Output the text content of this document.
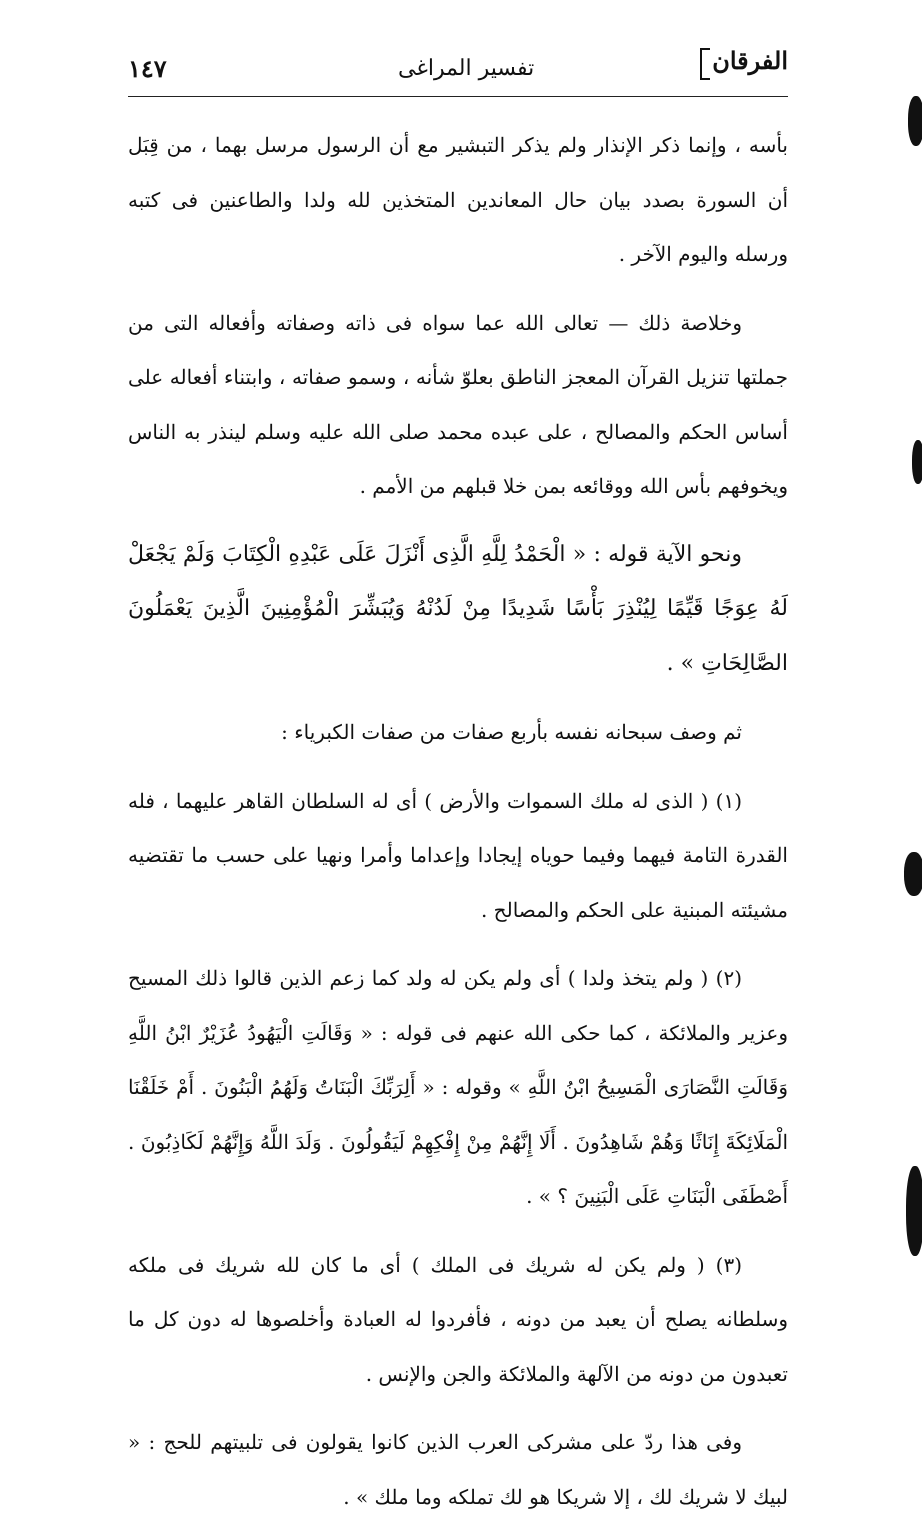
الفرقان
تفسير المراغى
١٤٧

بأسه ، وإنما ذكر الإنذار ولم يذكر التبشير مع أن الرسول مرسل بهما ، من قِبَل أن السورة بصدد بيان حال المعاندين المتخذين لله ولدا والطاعنين فى كتبه ورسله واليوم الآخر .

وخلاصة ذلك — تعالى الله عما سواه فى ذاته وصفاته وأفعاله التى من جملتها تنزيل القرآن المعجز الناطق بعلوّ شأنه ، وسمو صفاته ، وابتناء أفعاله على أساس الحكم والمصالح ، على عبده محمد صلى الله عليه وسلم لينذر به الناس ويخوفهم بأس الله ووقائعه بمن خلا قبلهم من الأمم .

ونحو الآية قوله : « الْحَمْدُ لِلَّهِ الَّذِى أَنْزَلَ عَلَى عَبْدِهِ الْكِتَابَ وَلَمْ يَجْعَلْ لَهُ عِوَجًا قَيِّمًا لِيُنْذِرَ بَأْسًا شَدِيدًا مِنْ لَدُنْهُ وَيُبَشِّرَ الْمُؤْمِنِينَ الَّذِينَ يَعْمَلُونَ الصَّالِحَاتِ » .

ثم وصف سبحانه نفسه بأربع صفات من صفات الكبرياء :

(١) ( الذى له ملك السموات والأرض ) أى له السلطان القاهر عليهما ، فله القدرة التامة فيهما وفيما حوياه إيجادا وإعداما وأمرا ونهيا على حسب ما تقتضيه مشيئته المبنية على الحكم والمصالح .

(٢) ( ولم يتخذ ولدا ) أى ولم يكن له ولد كما زعم الذين قالوا ذلك المسيح وعزير والملائكة ، كما حكى الله عنهم فى قوله : « وَقَالَتِ الْيَهُودُ عُزَيْرٌ ابْنُ اللَّهِ وَقَالَتِ النَّصَارَى الْمَسِيحُ ابْنُ اللَّهِ » وقوله : « أَلِرَبِّكَ الْبَنَاتُ وَلَهُمُ الْبَنُونَ . أَمْ خَلَقْنَا الْمَلَائِكَةَ إِنَاثًا وَهُمْ شَاهِدُونَ . أَلَا إِنَّهُمْ مِنْ إِفْكِهِمْ لَيَقُولُونَ . وَلَدَ اللَّهُ وَإِنَّهُمْ لَكَاذِبُونَ . أَصْطَفَى الْبَنَاتِ عَلَى الْبَنِينَ ؟ » .

(٣) ( ولم يكن له شريك فى الملك ) أى ما كان لله شريك فى ملكه وسلطانه يصلح أن يعبد من دونه ، فأفردوا له العبادة وأخلصوها له دون كل ما تعبدون من دونه من الآلهة والملائكة والجن والإنس .

وفى هذا ردّ على مشركى العرب الذين كانوا يقولون فى تلبيتهم للحج : « لبيك لا شريك لك ، إلا شريكا هو لك تملكه وما ملك » .
